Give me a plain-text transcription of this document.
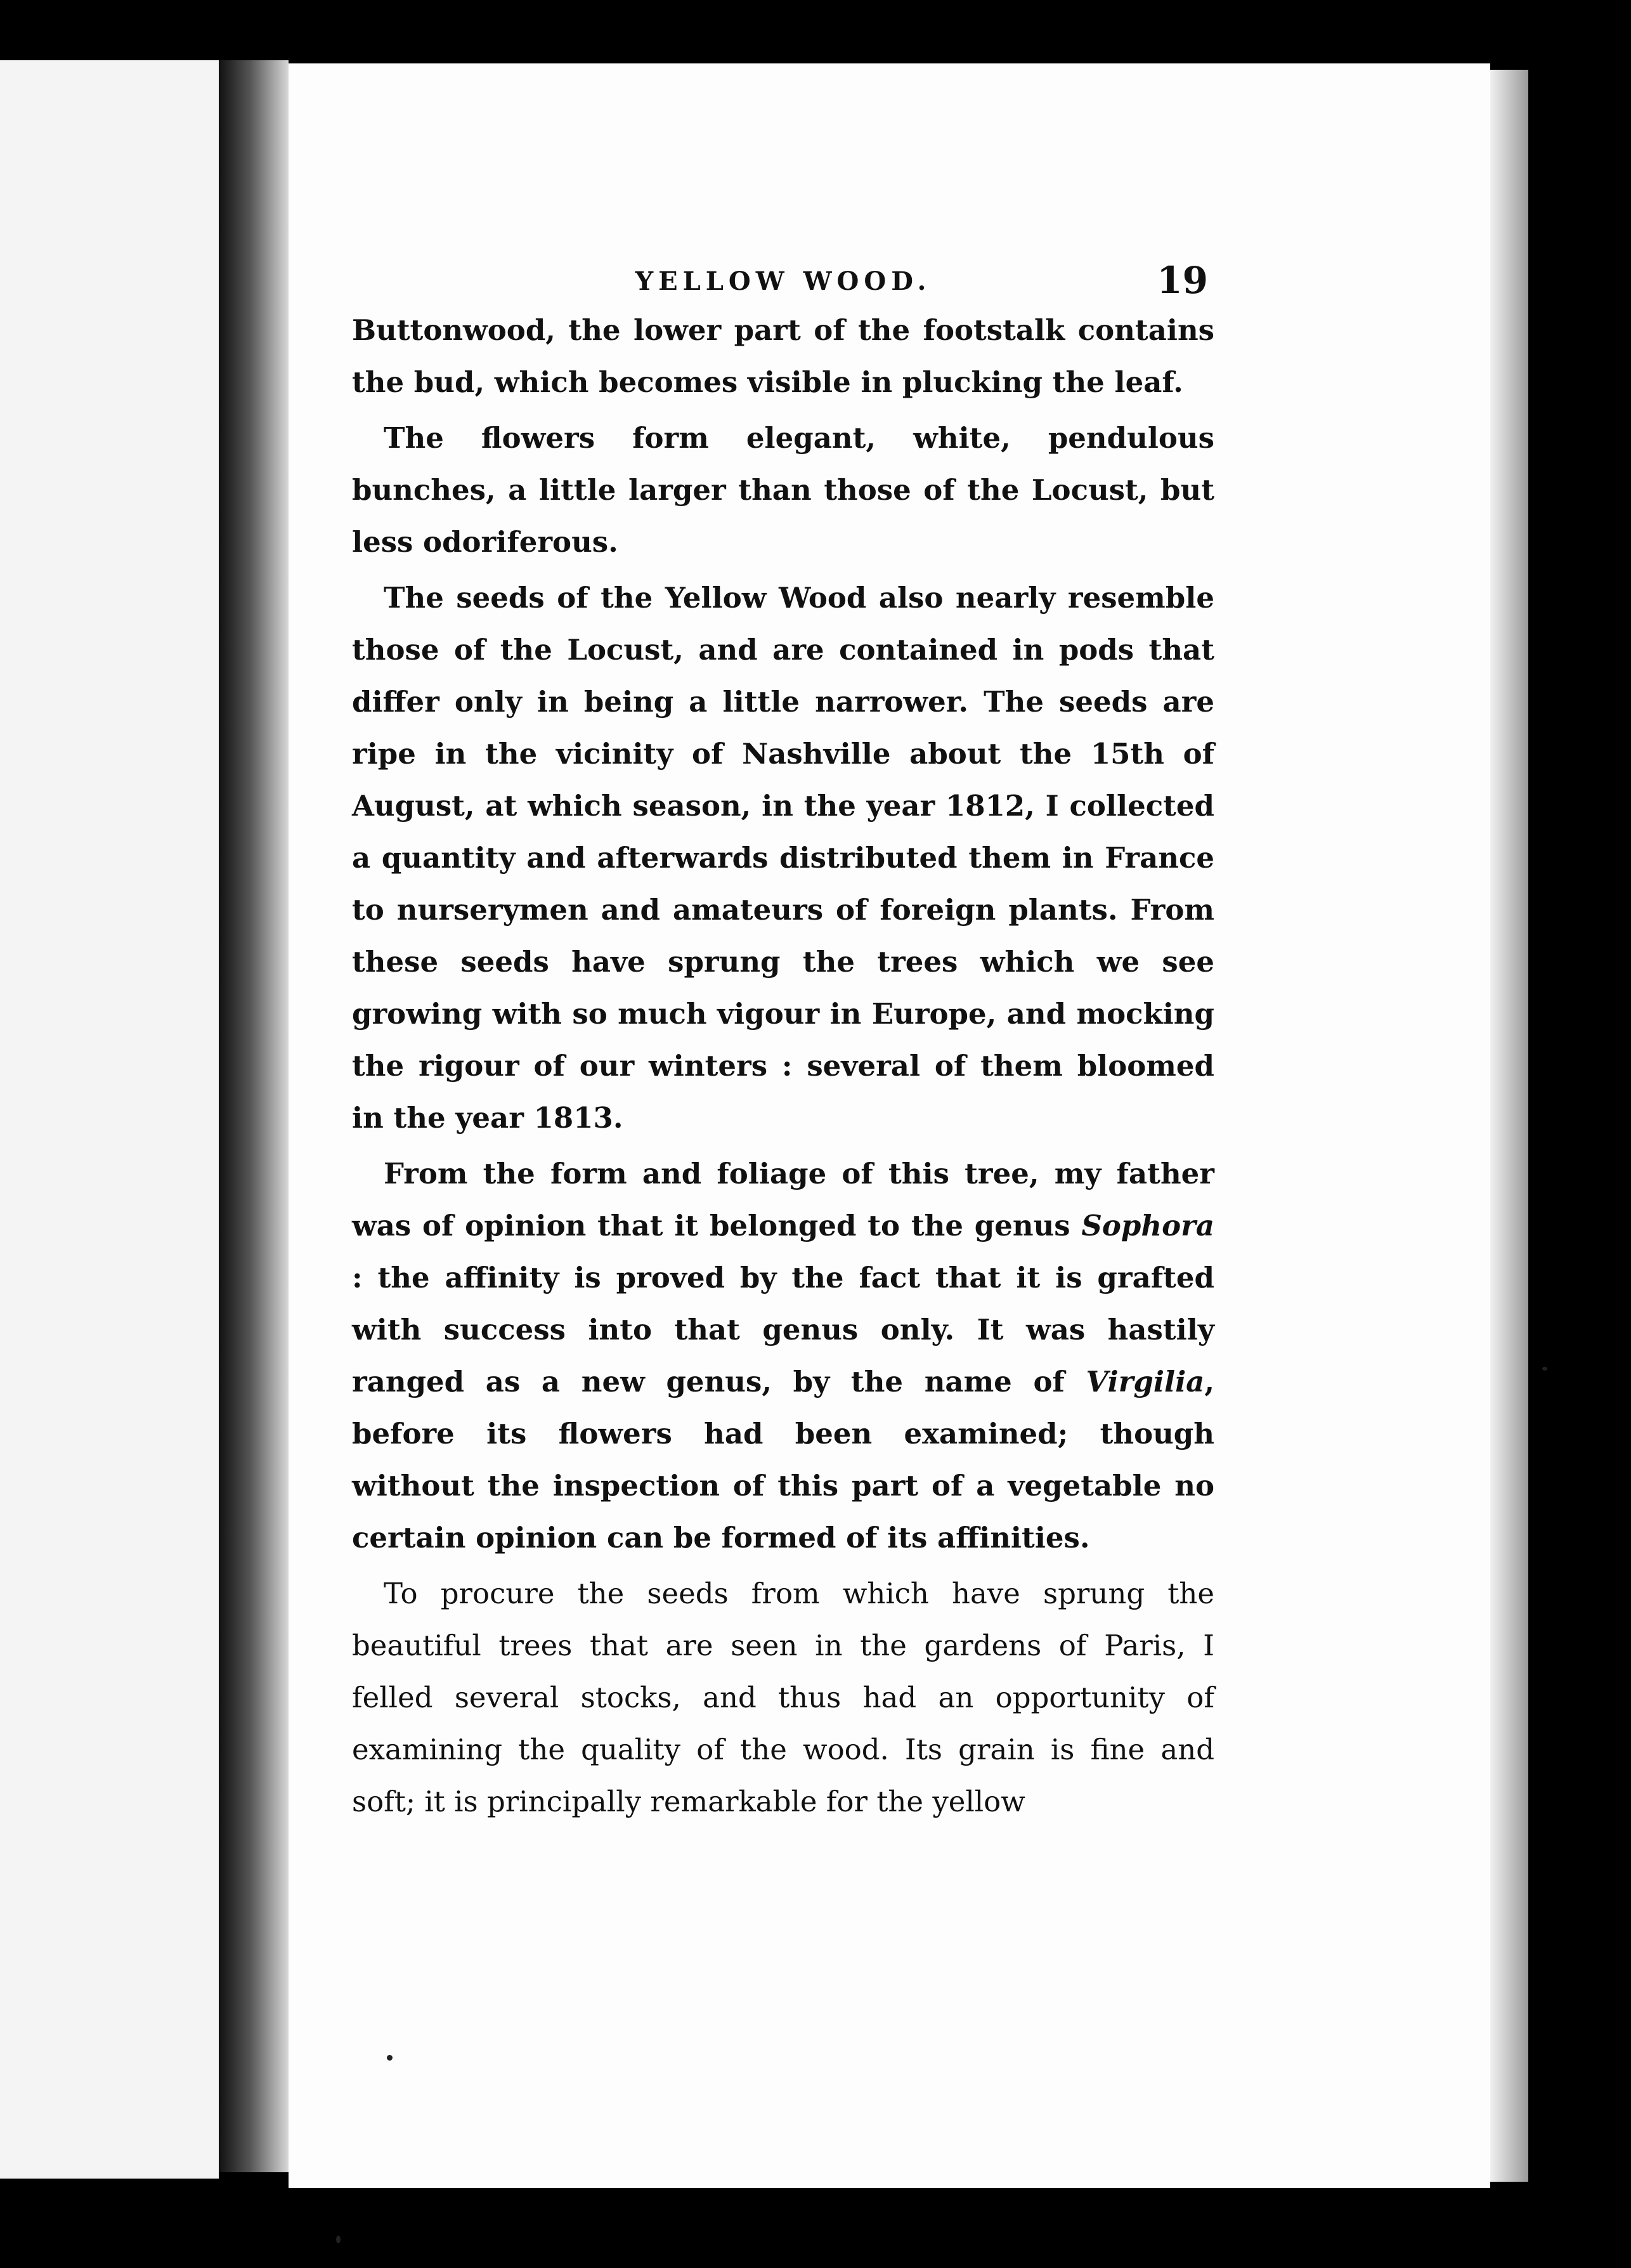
YELLOW WOOD.	19

Buttonwood, the lower part of the footstalk contains the bud, which becomes visible in plucking the leaf.

The flowers form elegant, white, pendulous bunches, a little larger than those of the Locust, but less odoriferous.

The seeds of the Yellow Wood also nearly resemble those of the Locust, and are contained in pods that differ only in being a little narrower. The seeds are ripe in the vicinity of Nashville about the 15th of August, at which season, in the year 1812, I collected a quantity and afterwards distributed them in France to nurserymen and amateurs of foreign plants. From these seeds have sprung the trees which we see growing with so much vigour in Europe, and mocking the rigour of our winters : several of them bloomed in the year 1813.

From the form and foliage of this tree, my father was of opinion that it belonged to the genus Sophora : the affinity is proved by the fact that it is grafted with success into that genus only. It was hastily ranged as a new genus, by the name of Virgilia, before its flowers had been examined; though without the inspection of this part of a vegetable no certain opinion can be formed of its affinities.

To procure the seeds from which have sprung the beautiful trees that are seen in the gardens of Paris, I felled several stocks, and thus had an opportunity of examining the quality of the wood. Its grain is fine and soft; it is principally remarkable for the yellow
